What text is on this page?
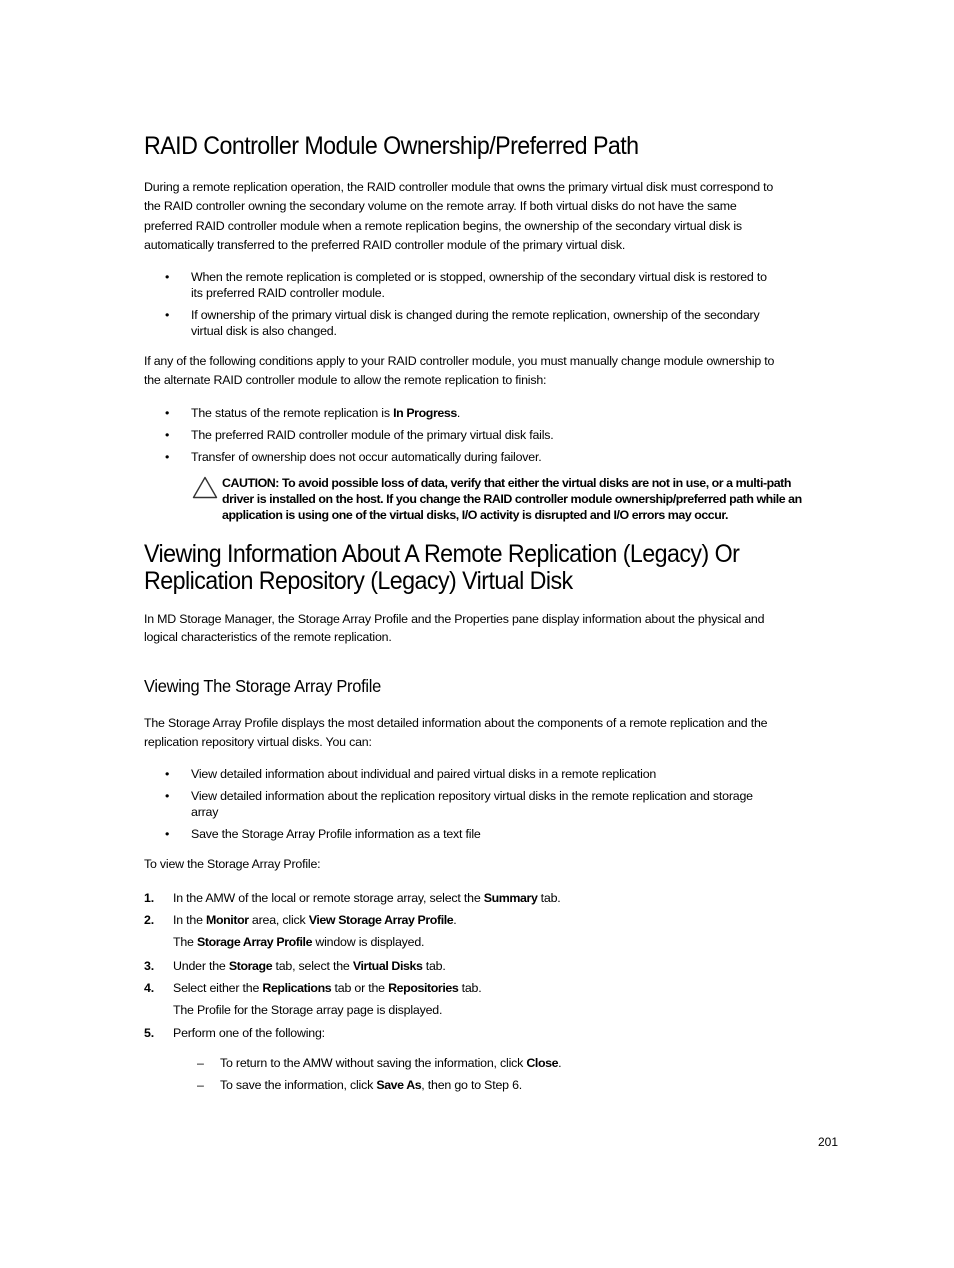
RAID Controller Module Ownership/Preferred Path
During a remote replication operation, the RAID controller module that owns the primary virtual disk must correspond to
the RAID controller owning the secondary volume on the remote array. If both virtual disks do not have the same
preferred RAID controller module when a remote replication begins, the ownership of the secondary virtual disk is
automatically transferred to the preferred RAID controller module of the primary virtual disk.
• When the remote replication is completed or is stopped, ownership of the secondary virtual disk is restored to
its preferred RAID controller module.
• If ownership of the primary virtual disk is changed during the remote replication, ownership of the secondary
virtual disk is also changed.
If any of the following conditions apply to your RAID controller module, you must manually change module ownership to
the alternate RAID controller module to allow the remote replication to finish:
• The status of the remote replication is In Progress.
• The preferred RAID controller module of the primary virtual disk fails.
• Transfer of ownership does not occur automatically during failover.
CAUTION: To avoid possible loss of data, verify that either the virtual disks are not in use, or a multi-path
driver is installed on the host. If you change the RAID controller module ownership/preferred path while an
application is using one of the virtual disks, I/O activity is disrupted and I/O errors may occur.
Viewing Information About A Remote Replication (Legacy) Or
Replication Repository (Legacy) Virtual Disk
In MD Storage Manager, the Storage Array Profile and the Properties pane display information about the physical and
logical characteristics of the remote replication.
Viewing The Storage Array Profile
The Storage Array Profile displays the most detailed information about the components of a remote replication and the
replication repository virtual disks. You can:
• View detailed information about individual and paired virtual disks in a remote replication
• View detailed information about the replication repository virtual disks in the remote replication and storage
array
• Save the Storage Array Profile information as a text file
To view the Storage Array Profile:
1. In the AMW of the local or remote storage array, select the Summary tab.
2. In the Monitor area, click View Storage Array Profile.
The Storage Array Profile window is displayed.
3. Under the Storage tab, select the Virtual Disks tab.
4. Select either the Replications tab or the Repositories tab.
The Profile for the Storage array page is displayed.
5. Perform one of the following:
– To return to the AMW without saving the information, click Close.
– To save the information, click Save As, then go to Step 6.
201
